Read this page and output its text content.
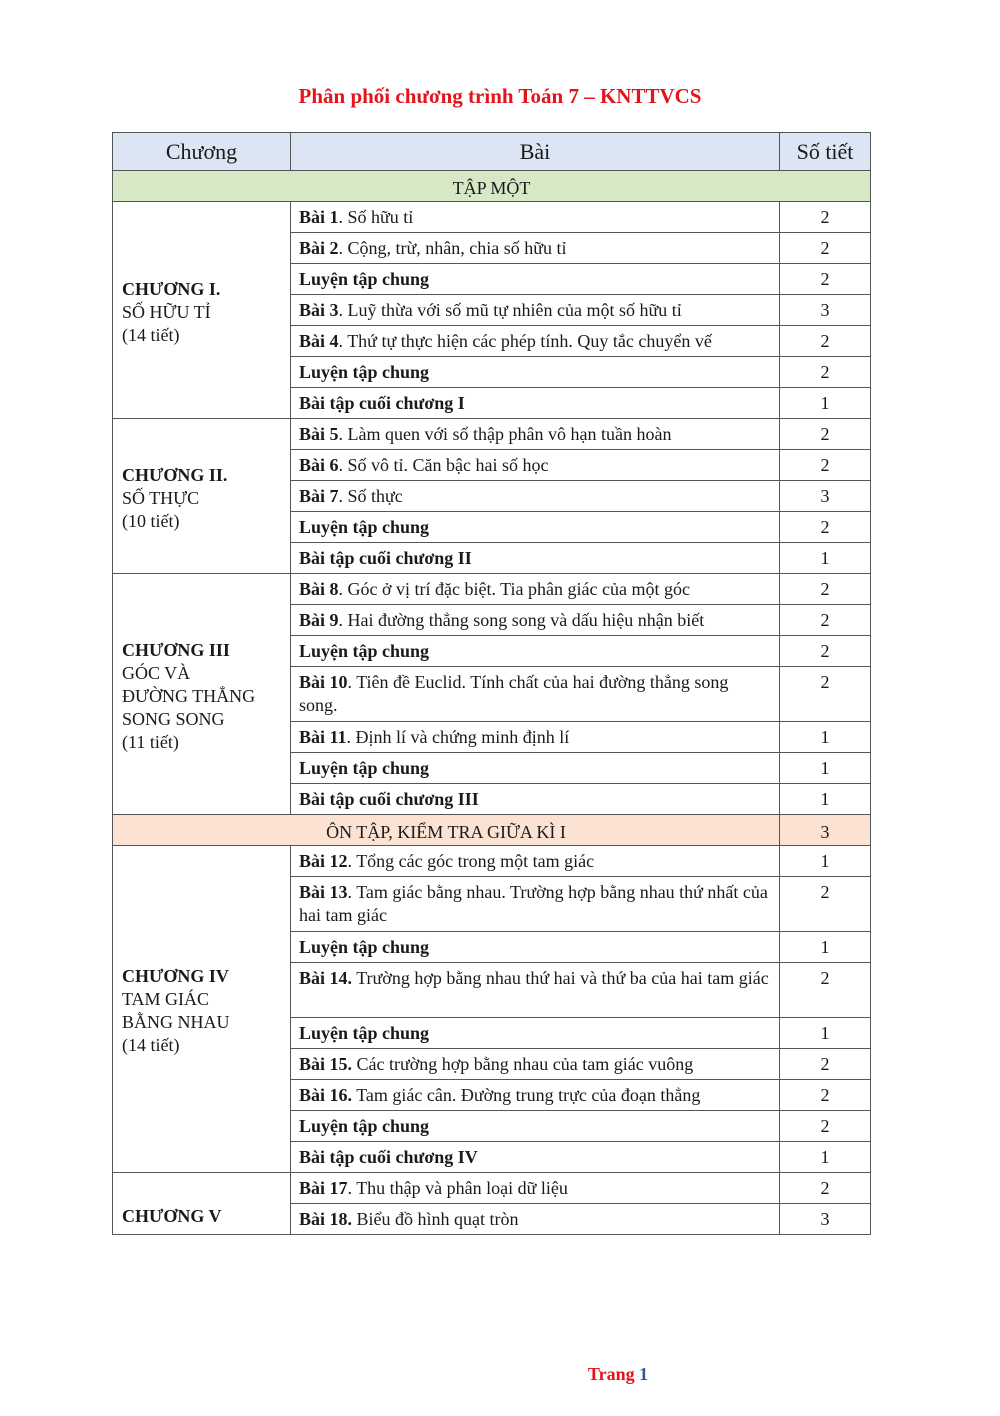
Phân phối chương trình Toán 7 – KNTTVCS
Chương	Bài	Số tiết
TẬP MỘT		

CHƯƠNG I.
SỐ HỮU TỈ
(14 tiết)	Bài 1. Số hữu tỉ	2
	Bài 2. Cộng, trừ, nhân, chia số hữu tỉ	2
	Luyện tập chung	2
	Bài 3. Luỹ thừa với số mũ tự nhiên của một số hữu tỉ	3
	Bài 4. Thứ tự thực hiện các phép tính. Quy tắc chuyển vế	2
	Luyện tập chung	2
	Bài tập cuối chương I	1

CHƯƠNG II.
SỐ THỰC
(10 tiết)	Bài 5. Làm quen với số thập phân vô hạn tuần hoàn	2
	Bài 6. Số vô tỉ. Căn bậc hai số học	2
	Bài 7. Số thực	3
	Luyện tập chung	2
	Bài tập cuối chương II	1

CHƯƠNG III
GÓC VÀ
ĐƯỜNG THẲNG
SONG SONG
(11 tiết)	Bài 8. Góc ở vị trí đặc biệt. Tia phân giác của một góc	2
	Bài 9. Hai đường thẳng song song và dấu hiệu nhận biết	2
	Luyện tập chung	2
	Bài 10. Tiên đề Euclid. Tính chất của hai đường thẳng song song.	2
	Bài 11. Định lí và chứng minh định lí	1
	Luyện tập chung	1
	Bài tập cuối chương III	1
ÔN TẬP, KIỂM TRA GIỮA KÌ I		3

CHƯƠNG IV
TAM GIÁC
BẰNG NHAU
(14 tiết)	Bài 12. Tổng các góc trong một tam giác	1
	Bài 13. Tam giác bằng nhau. Trường hợp bằng nhau thứ nhất của hai tam giác	2
	Luyện tập chung	1
	Bài 14. Trường hợp bằng nhau thứ hai và thứ ba của hai tam giác	2
	Luyện tập chung	1
	Bài 15. Các trường hợp bằng nhau của tam giác vuông	2
	Bài 16. Tam giác cân. Đường trung trực của đoạn thẳng	2
	Luyện tập chung	2
	Bài tập cuối chương IV	1

CHƯƠNG V	Bài 17. Thu thập và phân loại dữ liệu	2
	Bài 18. Biểu đồ hình quạt tròn	3
Trang 1
